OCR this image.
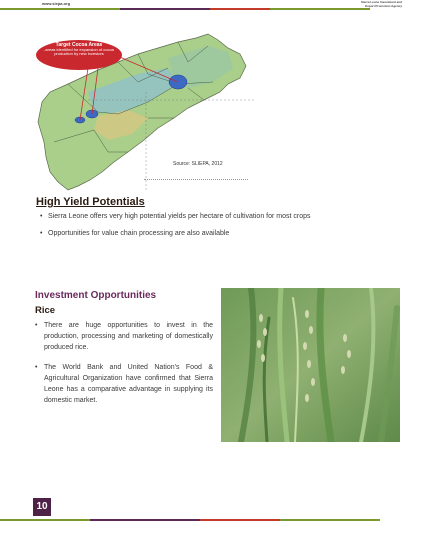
www.slepa.org	Sierra Leone Investment and
Export Promotion Agency
Target Cocoa Areas
-areas identified for expansion of cocoa production by new investors
Source: SLIEPA, 2012
High Yield Potentials
• Sierra Leone offers very high potential yields per hectare of cultivation for most crops
• Opportunities for value chain processing are also available
Investment Opportunities
Rice
• There are huge opportunities to invest in the production, processing and marketing of domestically produced rice.
• The World Bank and United Nation's Food & Agricultural Organization have confirmed that Sierra Leone has a comparative advantage in supplying its domestic market.
10
